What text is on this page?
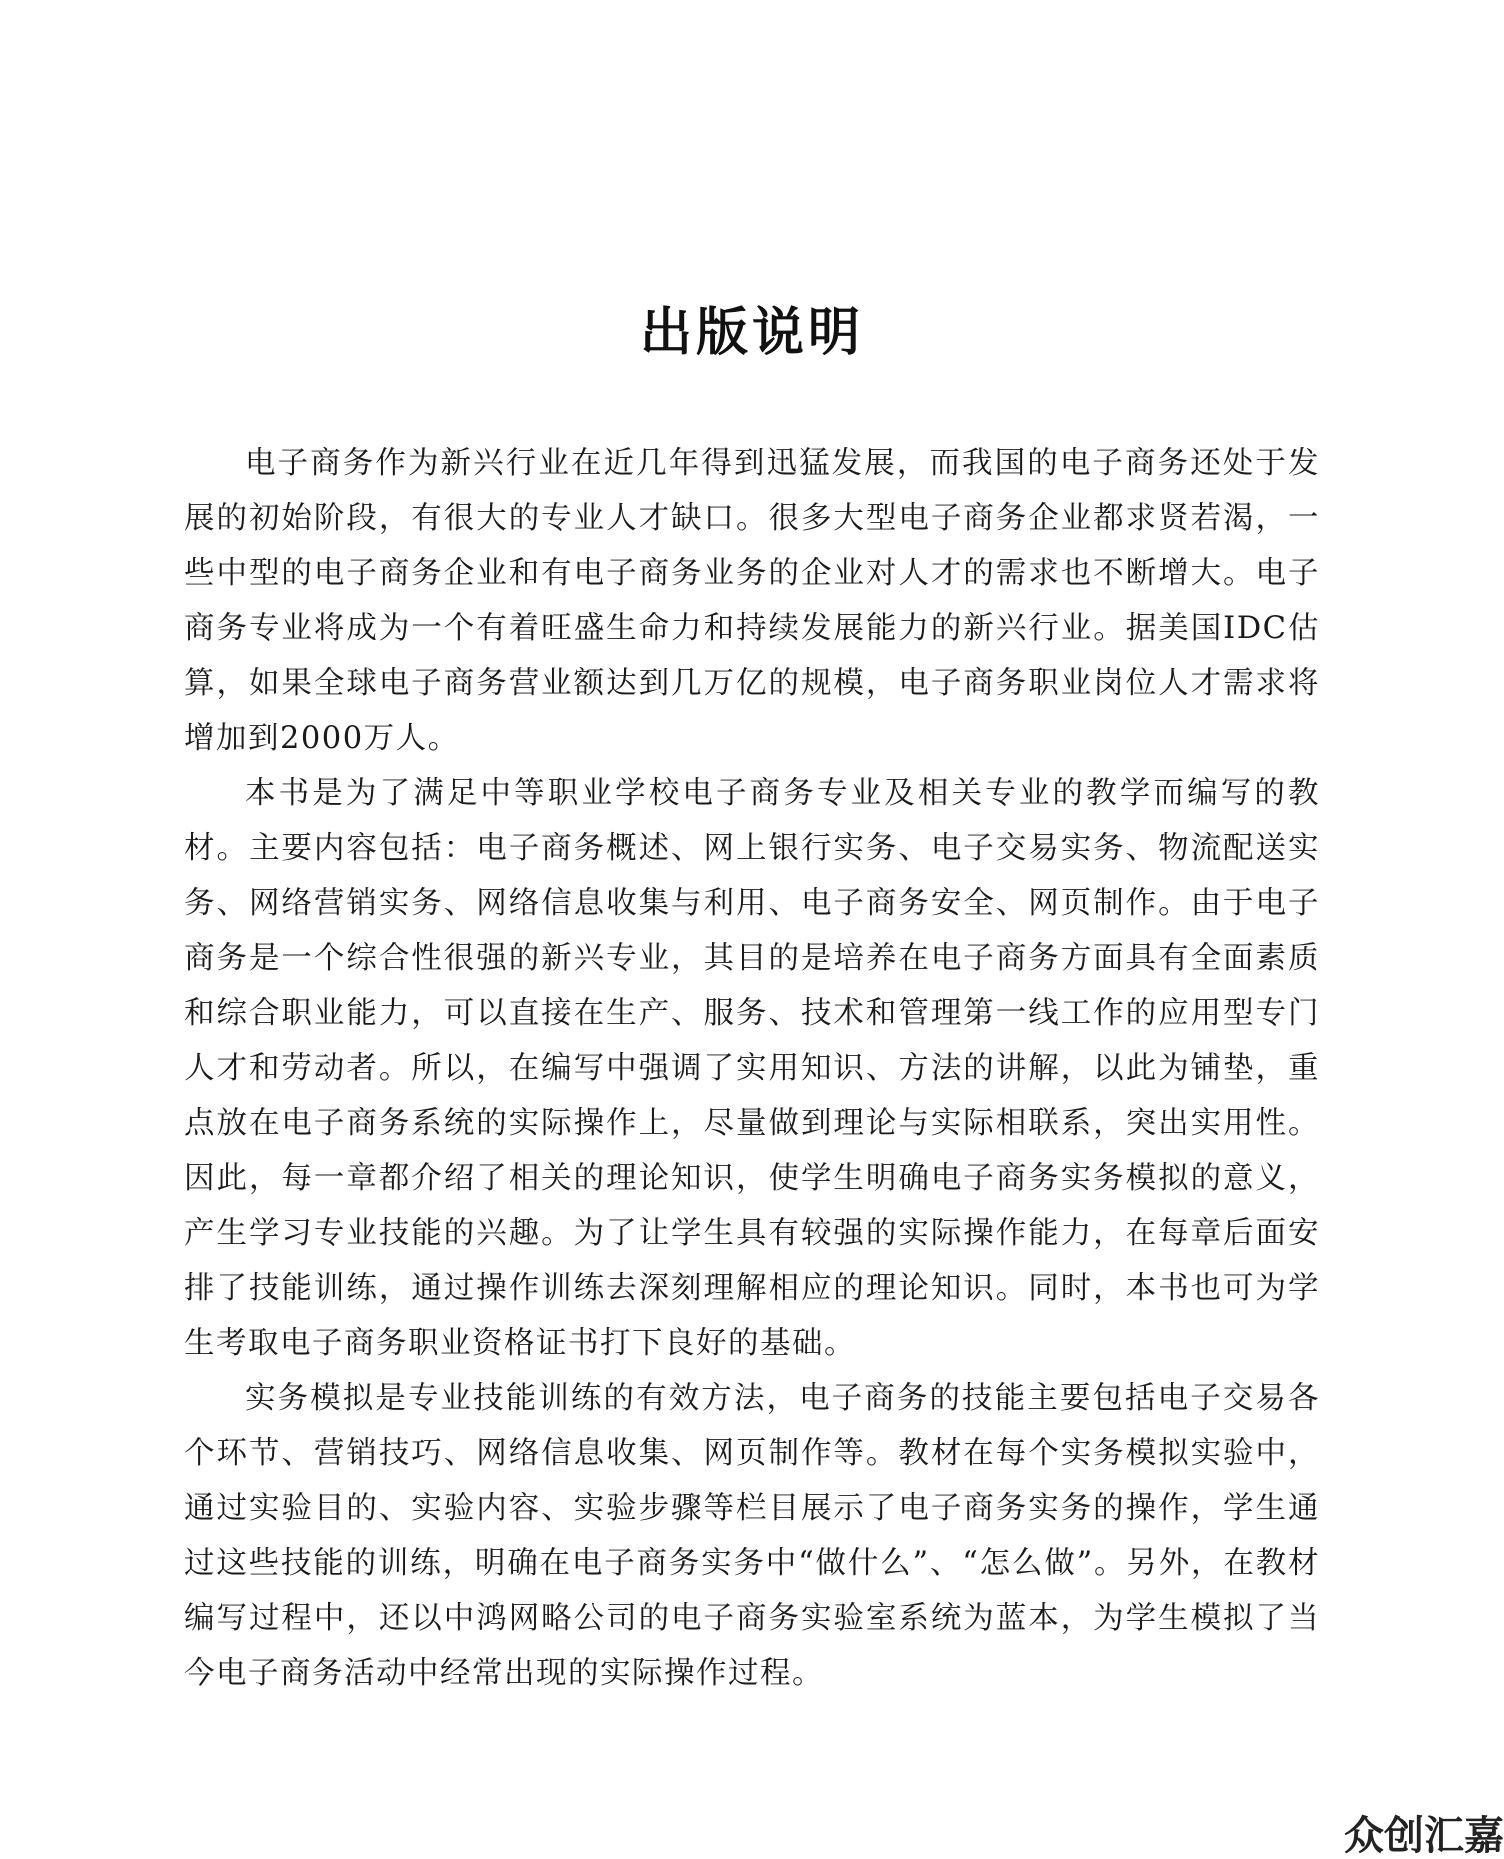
出版说明

电子商务作为新兴行业在近几年得到迅猛发展，而我国的电子商务还处于发展的初始阶段，有很大的专业人才缺口。很多大型电子商务企业都求贤若渴，一些中型的电子商务企业和有电子商务业务的企业对人才的需求也不断增大。电子商务专业将成为一个有着旺盛生命力和持续发展能力的新兴行业。据美国IDC估算，如果全球电子商务营业额达到几万亿的规模，电子商务职业岗位人才需求将增加到2000万人。

本书是为了满足中等职业学校电子商务专业及相关专业的教学而编写的教材。主要内容包括：电子商务概述、网上银行实务、电子交易实务、物流配送实务、网络营销实务、网络信息收集与利用、电子商务安全、网页制作。由于电子商务是一个综合性很强的新兴专业，其目的是培养在电子商务方面具有全面素质和综合职业能力，可以直接在生产、服务、技术和管理第一线工作的应用型专门人才和劳动者。所以，在编写中强调了实用知识、方法的讲解，以此为铺垫，重点放在电子商务系统的实际操作上，尽量做到理论与实际相联系，突出实用性。因此，每一章都介绍了相关的理论知识，使学生明确电子商务实务模拟的意义，产生学习专业技能的兴趣。为了让学生具有较强的实际操作能力，在每章后面安排了技能训练，通过操作训练去深刻理解相应的理论知识。同时，本书也可为学生考取电子商务职业资格证书打下良好的基础。

实务模拟是专业技能训练的有效方法，电子商务的技能主要包括电子交易各个环节、营销技巧、网络信息收集、网页制作等。教材在每个实务模拟实验中，通过实验目的、实验内容、实验步骤等栏目展示了电子商务实务的操作，学生通过这些技能的训练，明确在电子商务实务中“做什么”、“怎么做”。另外，在教材编写过程中，还以中鸿网略公司的电子商务实验室系统为蓝本，为学生模拟了当今电子商务活动中经常出现的实际操作过程。

众创汇嘉
